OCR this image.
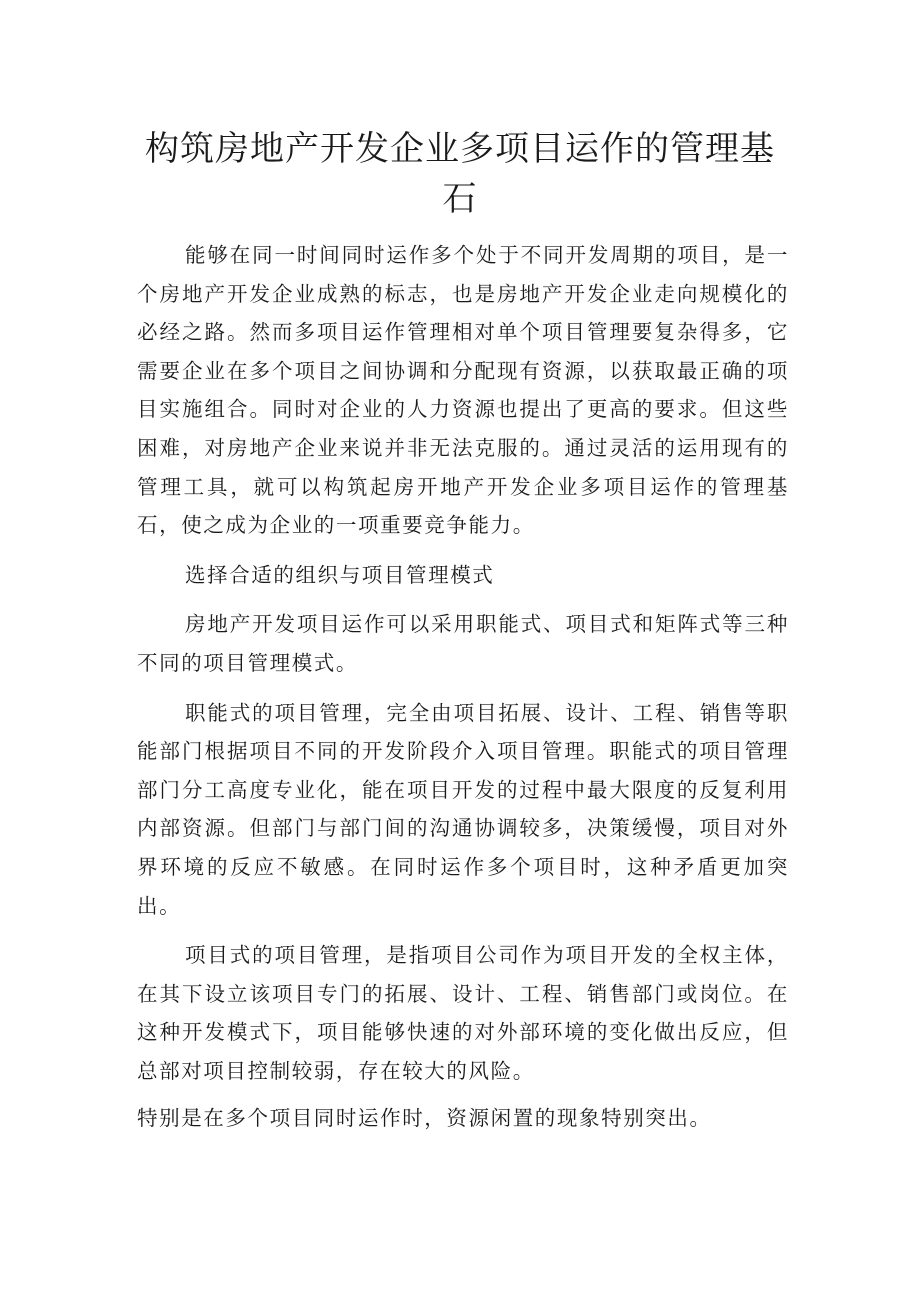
构筑房地产开发企业多项目运作的管理基石

能够在同一时间同时运作多个处于不同开发周期的项目，是一个房地产开发企业成熟的标志，也是房地产开发企业走向规模化的必经之路。然而多项目运作管理相对单个项目管理要复杂得多，它需要企业在多个项目之间协调和分配现有资源，以获取最正确的项目实施组合。同时对企业的人力资源也提出了更高的要求。但这些困难，对房地产企业来说并非无法克服的。通过灵活的运用现有的管理工具，就可以构筑起房开地产开发企业多项目运作的管理基石，使之成为企业的一项重要竞争能力。

选择合适的组织与项目管理模式

房地产开发项目运作可以采用职能式、项目式和矩阵式等三种不同的项目管理模式。

职能式的项目管理，完全由项目拓展、设计、工程、销售等职能部门根据项目不同的开发阶段介入项目管理。职能式的项目管理部门分工高度专业化，能在项目开发的过程中最大限度的反复利用内部资源。但部门与部门间的沟通协调较多，决策缓慢，项目对外界环境的反应不敏感。在同时运作多个项目时，这种矛盾更加突出。

项目式的项目管理，是指项目公司作为项目开发的全权主体，在其下设立该项目专门的拓展、设计、工程、销售部门或岗位。在这种开发模式下，项目能够快速的对外部环境的变化做出反应，但总部对项目控制较弱，存在较大的风险。

特别是在多个项目同时运作时，资源闲置的现象特别突出。
